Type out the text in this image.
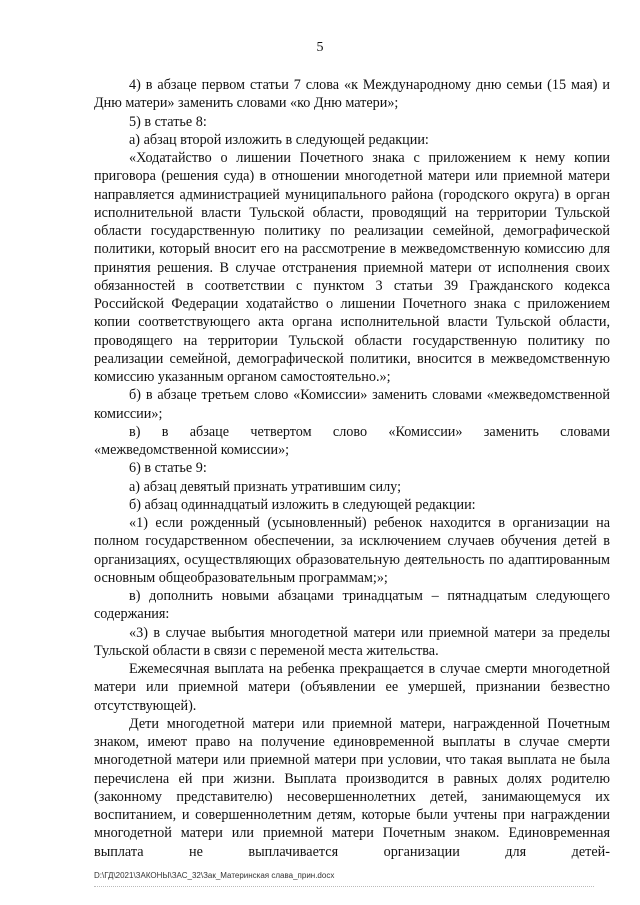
5

4) в абзаце первом статьи 7 слова «к Международному дню семьи (15 мая) и Дню матери» заменить словами «ко Дню матери»;

5) в статье 8:

а) абзац второй изложить в следующей редакции:

«Ходатайство о лишении Почетного знака с приложением к нему копии приговора (решения суда) в отношении многодетной матери или приемной матери направляется администрацией муниципального района (городского округа) в орган исполнительной власти Тульской области, проводящий на территории Тульской области государственную политику по реализации семейной, демографической политики, который вносит его на рассмотрение в межведомственную комиссию для принятия решения. В случае отстранения приемной матери от исполнения своих обязанностей в соответствии с пунктом 3 статьи 39 Гражданского кодекса Российской Федерации ходатайство о лишении Почетного знака с приложением копии соответствующего акта органа исполнительной власти Тульской области, проводящего на территории Тульской области государственную политику по реализации семейной, демографической политики, вносится в межведомственную комиссию указанным органом самостоятельно.»;

б) в абзаце третьем слово «Комиссии» заменить словами «межведомственной комиссии»;

в) в абзаце четвертом слово «Комиссии» заменить словами «межведомственной комиссии»;

6) в статье 9:

а) абзац девятый признать утратившим силу;

б) абзац одиннадцатый изложить в следующей редакции:

«1) если рожденный (усыновленный) ребенок находится в организации на полном государственном обеспечении, за исключением случаев обучения детей в организациях, осуществляющих образовательную деятельность по адаптированным основным общеобразовательным программам;»;

в) дополнить новыми абзацами тринадцатым – пятнадцатым следующего содержания:

«3) в случае выбытия многодетной матери или приемной матери за пределы Тульской области в связи с переменой места жительства.

Ежемесячная выплата на ребенка прекращается в случае смерти многодетной матери или приемной матери (объявлении ее умершей, признании безвестно отсутствующей).

Дети многодетной матери или приемной матери, награжденной Почетным знаком, имеют право на получение единовременной выплаты в случае смерти многодетной матери или приемной матери при условии, что такая выплата не была перечислена ей при жизни. Выплата производится в равных долях родителю (законному представителю) несовершеннолетних детей, занимающемуся их воспитанием, и совершеннолетним детям, которые были учтены при награждении многодетной матери или приемной матери Почетным знаком. Единовременная выплата не выплачивается организации для детей-

D:\ГД\2021\ЗАКОНЫ\ЗАС_32\Зак_Материнская слава_прин.docx
